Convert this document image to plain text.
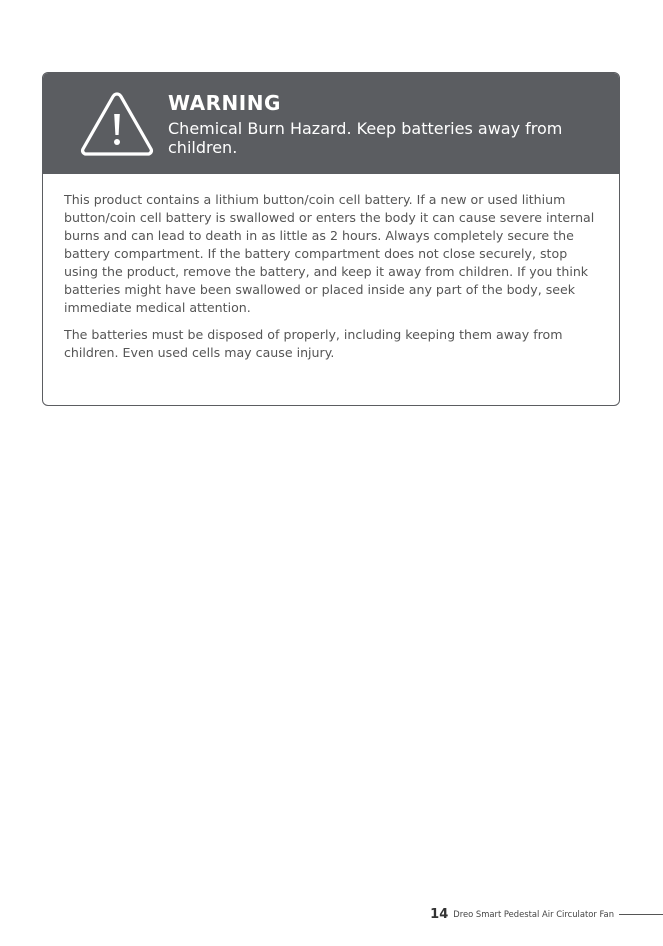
WARNING
Chemical Burn Hazard. Keep batteries away from children.

This product contains a lithium button/coin cell battery. If a new or used lithium button/coin cell battery is swallowed or enters the body it can cause severe internal burns and can lead to death in as little as 2 hours. Always completely secure the battery compartment. If the battery compartment does not close securely, stop using the product, remove the battery, and keep it away from children. If you think batteries might have been swallowed or placed inside any part of the body, seek immediate medical attention.

The batteries must be disposed of properly, including keeping them away from children. Even used cells may cause injury.

14 Dreo Smart Pedestal Air Circulator Fan
